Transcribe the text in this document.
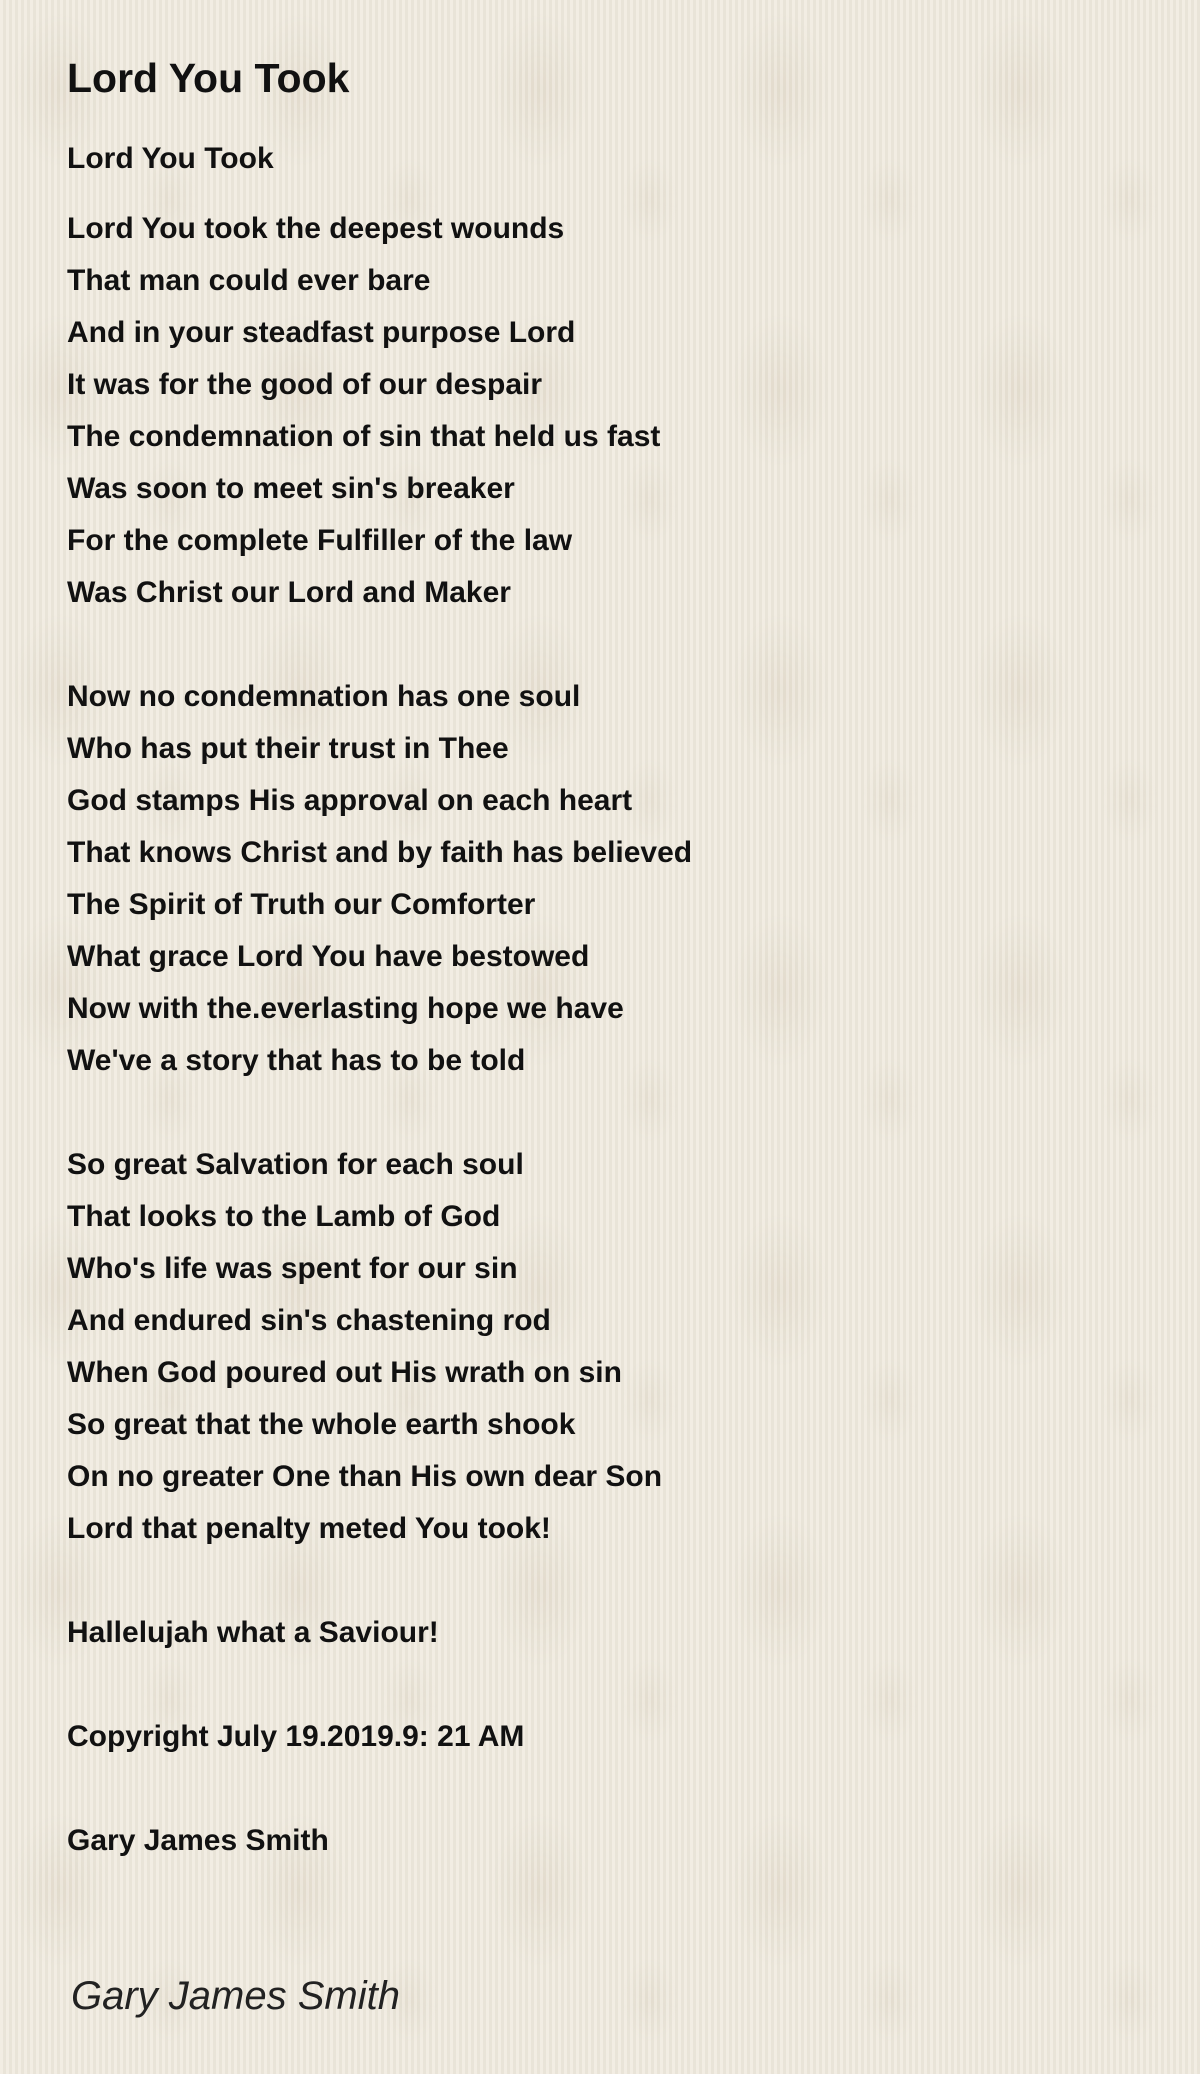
Lord You Took
Lord You Took
Lord You took the deepest wounds
That man could ever bare
And in your steadfast purpose Lord
It was for the good of our despair
The condemnation of sin that held us fast
Was soon to meet sin's breaker
For the complete Fulfiller of the law
Was Christ our Lord and Maker
Now no condemnation has one soul
Who has put their trust in Thee
God stamps His approval on each heart
That knows Christ and by faith has believed
The Spirit of Truth our Comforter
What grace Lord You have bestowed
Now with the.everlasting hope we have
We've a story that has to be told
So great Salvation for each soul
That looks to the Lamb of God
Who's life was spent for our sin
And endured sin's chastening rod
When God poured out His wrath on sin
So great that the whole earth shook
On no greater One than His own dear Son
Lord that penalty meted You took!
Hallelujah what a Saviour!
Copyright July 19.2019.9: 21 AM
Gary James Smith
Gary James Smith
